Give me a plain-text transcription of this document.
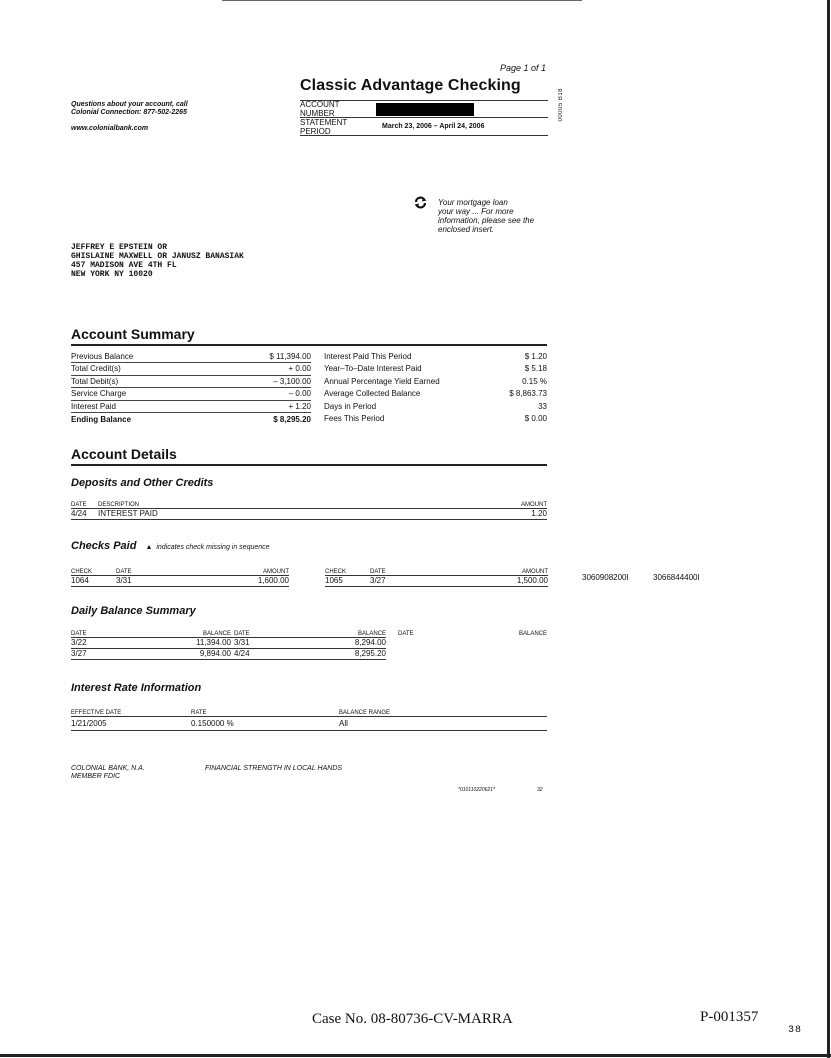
Page 1 of 1
Classic Advantage Checking
00005 B18
Questions about your account, call
Colonial Connection: 877-502-2265
www.colonialbank.com
ACCOUNT NUMBER
STATEMENT PERIOD	March 23, 2006 – April 24, 2006
Your mortgage loan
your way ... For more
information, please see the
enclosed insert.
JEFFREY E EPSTEIN OR
GHISLAINE MAXWELL OR JANUSZ BANASIAK
457 MADISON AVE 4TH FL
NEW YORK NY 10020
Account Summary
Previous Balance	$ 11,394.00		Interest Paid This Period	$ 1.20
Total Credit(s)	+ 0.00		Year–To–Date Interest Paid	$ 5.18
Total Debit(s)	– 3,100.00		Annual Percentage Yield Earned	0.15 %
Service Charge	– 0.00		Average Collected Balance	$ 8,863.73
Interest Paid	+ 1.20		Days in Period	33
Ending Balance	$ 8,295.20		Fees This Period	$ 0.00
Account Details
Deposits and Other Credits
DATE	DESCRIPTION	AMOUNT
4/24	INTEREST PAID	1.20
Checks Paid ▲ indicates check missing in sequence
CHECK	DATE	AMOUNT		CHECK	DATE	AMOUNT
1064	3/31	1,600.00		1065	3/27	1,500.00	3060908200I	3066844400I
Daily Balance Summary
DATE	BALANCE	DATE	BALANCE	DATE	BALANCE
3/22	11,394.00	3/31	8,294.00		
3/27	9,894.00	4/24	8,295.20		
Interest Rate Information
EFFECTIVE DATE	RATE	BALANCE RANGE
1/21/2005	0.150000 %	All
COLONIAL BANK, N.A.
MEMBER FDIC
FINANCIAL STRENGTH IN LOCAL HANDS
*010110220621*	32
Case No. 08-80736-CV-MARRA	P-001357
38
